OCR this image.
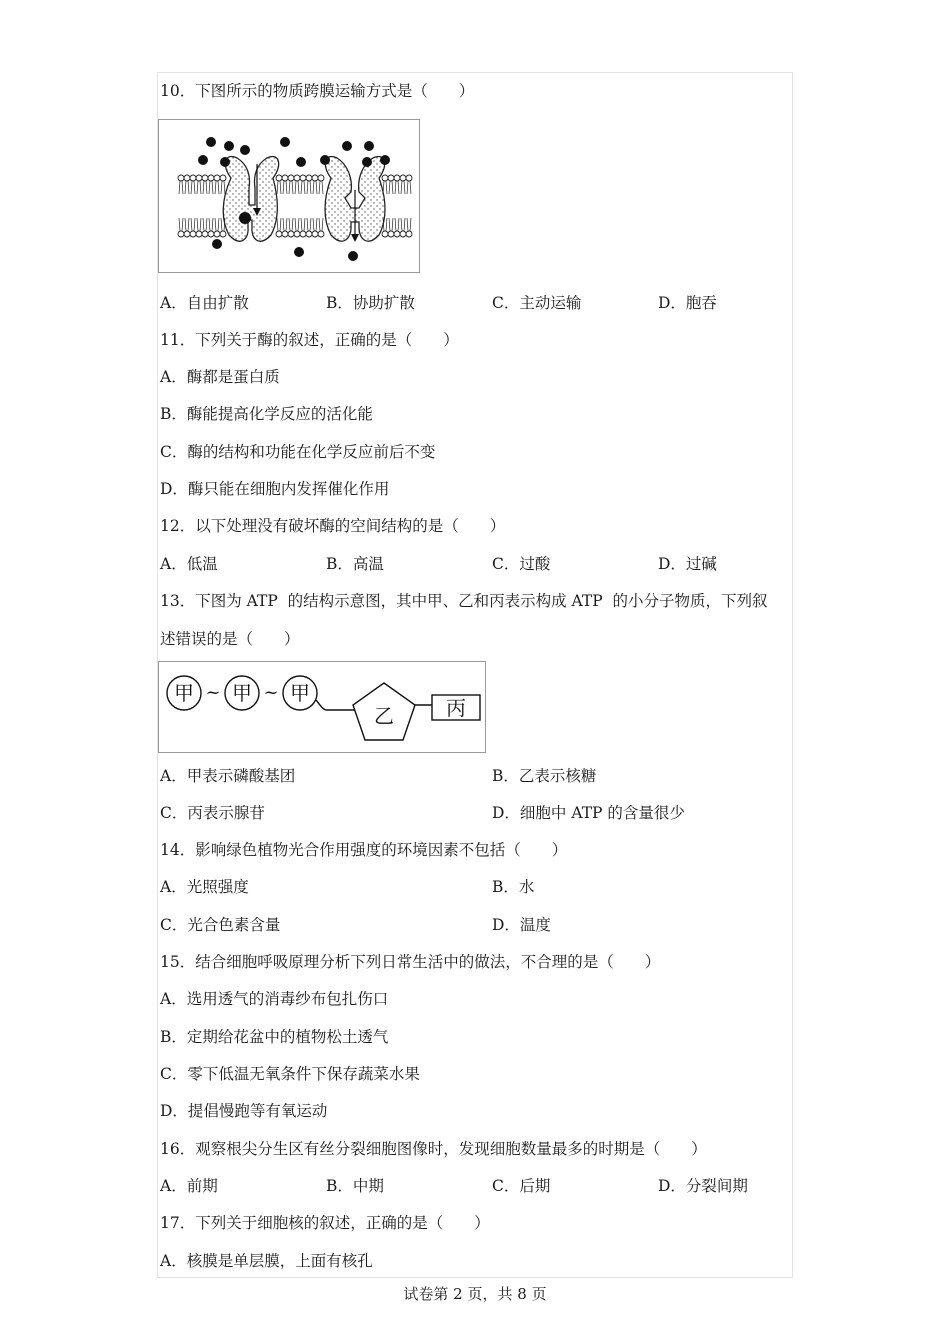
10．下图所示的物质跨膜运输方式是（　　）
A．自由扩散	B．协助扩散	C．主动运输	D．胞吞
11．下列关于酶的叙述，正确的是（　　）
A．酶都是蛋白质
B．酶能提高化学反应的活化能
C．酶的结构和功能在化学反应前后不变
D．酶只能在细胞内发挥催化作用
12．以下处理没有破坏酶的空间结构的是（　　）
A．低温	B．高温	C．过酸	D．过碱
13．下图为 ATP  的结构示意图，其中甲、乙和丙表示构成 ATP  的小分子物质，下列叙
述错误的是（　　）
甲 ~ 甲 ~ 甲
乙	丙
A．甲表示磷酸基团	B．乙表示核糖
C．丙表示腺苷	D．细胞中 ATP 的含量很少
14．影响绿色植物光合作用强度的环境因素不包括（　　）
A．光照强度	B．水
C．光合色素含量	D．温度
15．结合细胞呼吸原理分析下列日常生活中的做法，不合理的是（　　）
A．选用透气的消毒纱布包扎伤口
B．定期给花盆中的植物松土透气
C．零下低温无氧条件下保存蔬菜水果
D．提倡慢跑等有氧运动
16．观察根尖分生区有丝分裂细胞图像时，发现细胞数量最多的时期是（　　）
A．前期	B．中期	C．后期	D．分裂间期
17．下列关于细胞核的叙述，正确的是（　　）
A．核膜是单层膜，上面有核孔
试卷第 2 页，共 8 页
